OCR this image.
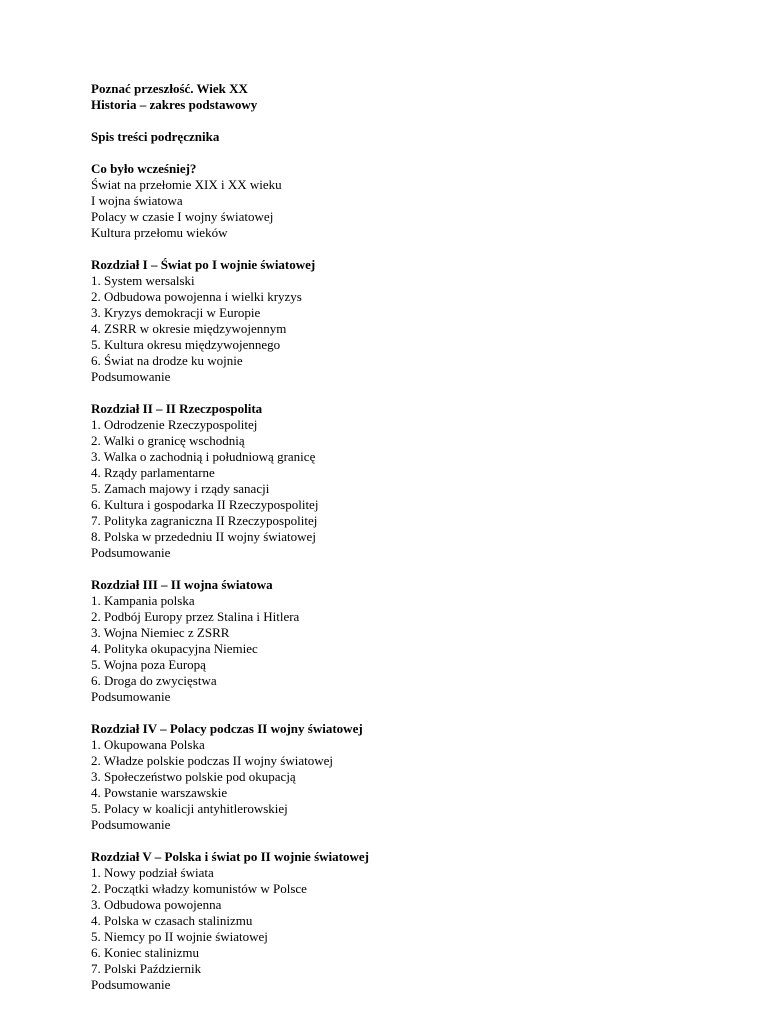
Poznać przeszłość. Wiek XX
Historia – zakres podstawowy
Spis treści podręcznika
Co było wcześniej?
Świat na przełomie XIX i XX wieku
I wojna światowa
Polacy w czasie I wojny światowej
Kultura przełomu wieków
Rozdział I – Świat po I wojnie światowej
1. System wersalski
2. Odbudowa powojenna i wielki kryzys
3. Kryzys demokracji w Europie
4. ZSRR w okresie międzywojennym
5. Kultura okresu międzywojennego
6. Świat na drodze ku wojnie
Podsumowanie
Rozdział II – II Rzeczpospolita
1. Odrodzenie Rzeczypospolitej
2. Walki o granicę wschodnią
3. Walka o zachodnią i południową granicę
4. Rządy parlamentarne
5. Zamach majowy i rządy sanacji
6. Kultura i gospodarka II Rzeczypospolitej
7. Polityka zagraniczna II Rzeczypospolitej
8. Polska w przededniu II wojny światowej
Podsumowanie
Rozdział III – II wojna światowa
1. Kampania polska
2. Podbój Europy przez Stalina i Hitlera
3. Wojna Niemiec z ZSRR
4. Polityka okupacyjna Niemiec
5. Wojna poza Europą
6. Droga do zwycięstwa
Podsumowanie
Rozdział IV – Polacy podczas II wojny światowej
1. Okupowana Polska
2. Władze polskie podczas II wojny światowej
3. Społeczeństwo polskie pod okupacją
4. Powstanie warszawskie
5. Polacy w koalicji antyhitlerowskiej
Podsumowanie
Rozdział V – Polska i świat po II wojnie światowej
1. Nowy podział świata
2. Początki władzy komunistów w Polsce
3. Odbudowa powojenna
4. Polska w czasach stalinizmu
5. Niemcy po II wojnie światowej
6. Koniec stalinizmu
7. Polski Październik
Podsumowanie
